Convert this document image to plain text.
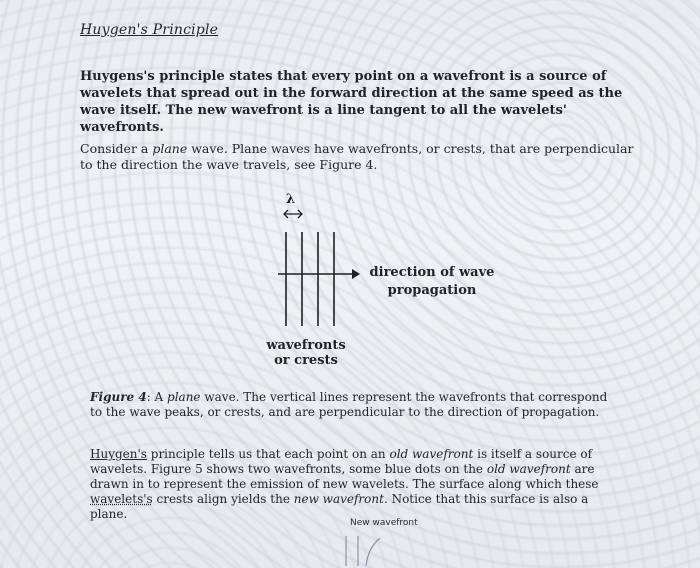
Huygen's Principle
Huygens's principle states that every point on a wavefront is a source of wavelets that spread out in the forward direction at the same speed as the wave itself. The new wavefront is a line tangent to all the wavelets' wavefronts.
Consider a plane wave. Plane waves have wavefronts, or crests, that are perpendicular to the direction the wave travels, see Figure 4.
λ
direction of wave
propagation
wavefronts
or crests
Figure 4: A plane wave. The vertical lines represent the wavefronts that correspond to the wave peaks, or crests, and are perpendicular to the direction of propagation.
Huygen's principle tells us that each point on an old wavefront is itself a source of wavelets. Figure 5 shows two wavefronts, some blue dots on the old wavefront are drawn in to represent the emission of new wavelets. The surface along which these wavelets's crests align yields the new wavefront. Notice that this surface is also a plane.
New wavefront
